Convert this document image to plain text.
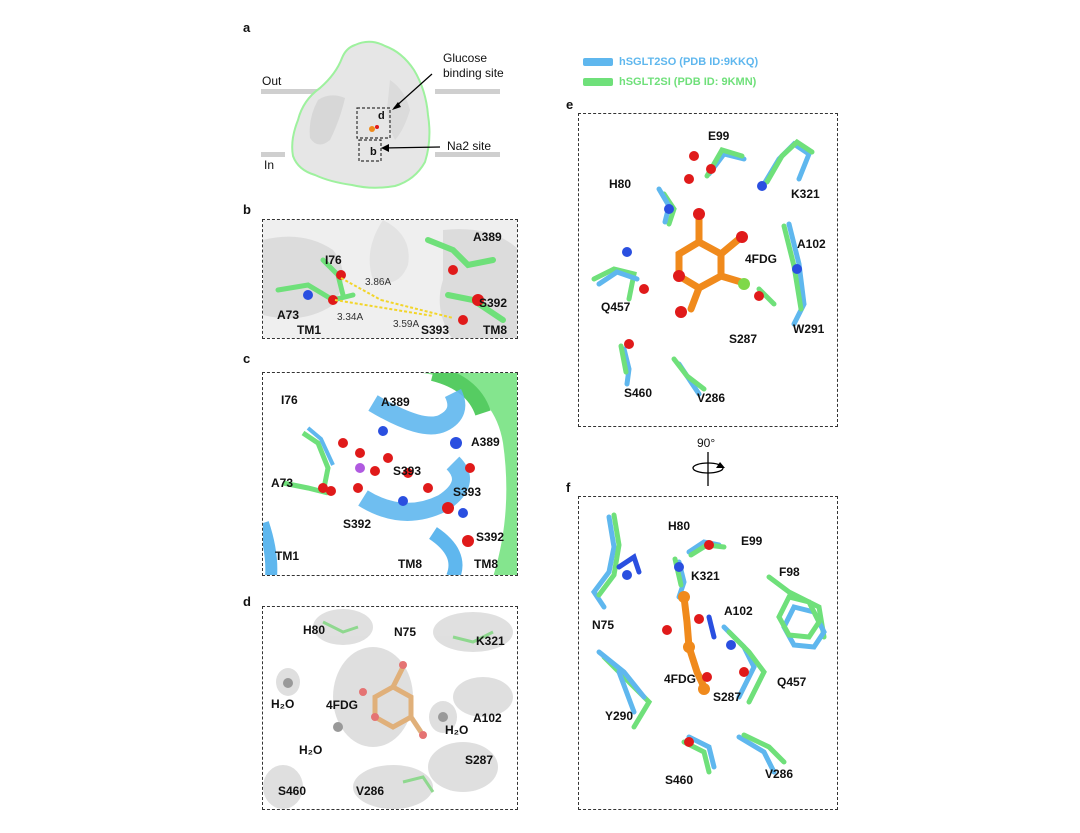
a
b
c
d
e
f
hSGLT2SO (PDB ID:9KKQ)
hSGLT2SI (PDB ID: 9KMN)
Out
In
Glucose
binding site
Na2 site
d
b
A389
I76
S392
A73
TM1	S393	TM8
3.86A
3.34A
3.59A
I76	A389
A389
A73
S393
S393
S392
S392
TM1
TM8	TM8
H80	N75
K321
H₂O	4FDG
A102
H₂O
H₂O
S287
S460	V286
E99
H80
K321
A102
4FDG
Q457
S287
W291
S460	V286
90°
H80
E99
K321	F98
A102
N75
4FDG	Q457
S287
Y290
S460	V286
